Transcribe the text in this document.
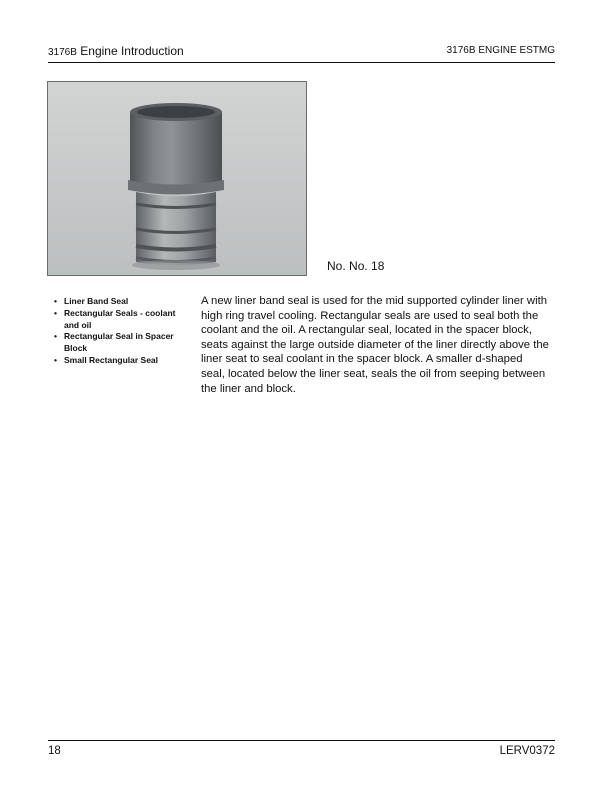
3176B Engine Introduction	3176B ENGINE ESTMG
No. No. 18
• Liner Band Seal
• Rectangular Seals - coolant and oil
• Rectangular Seal in Spacer Block
• Small Rectangular Seal

A new liner band seal is used for the mid supported cylinder liner with high ring travel cooling. Rectangular seals are used to seal both the coolant and the oil. A rectangular seal, located in the spacer block, seats against the large outside diameter of the liner directly above the liner seat to seal coolant in the spacer block. A smaller d-shaped seal, located below the liner seat, seals the oil from seeping between the liner and block.

18	LERV0372
